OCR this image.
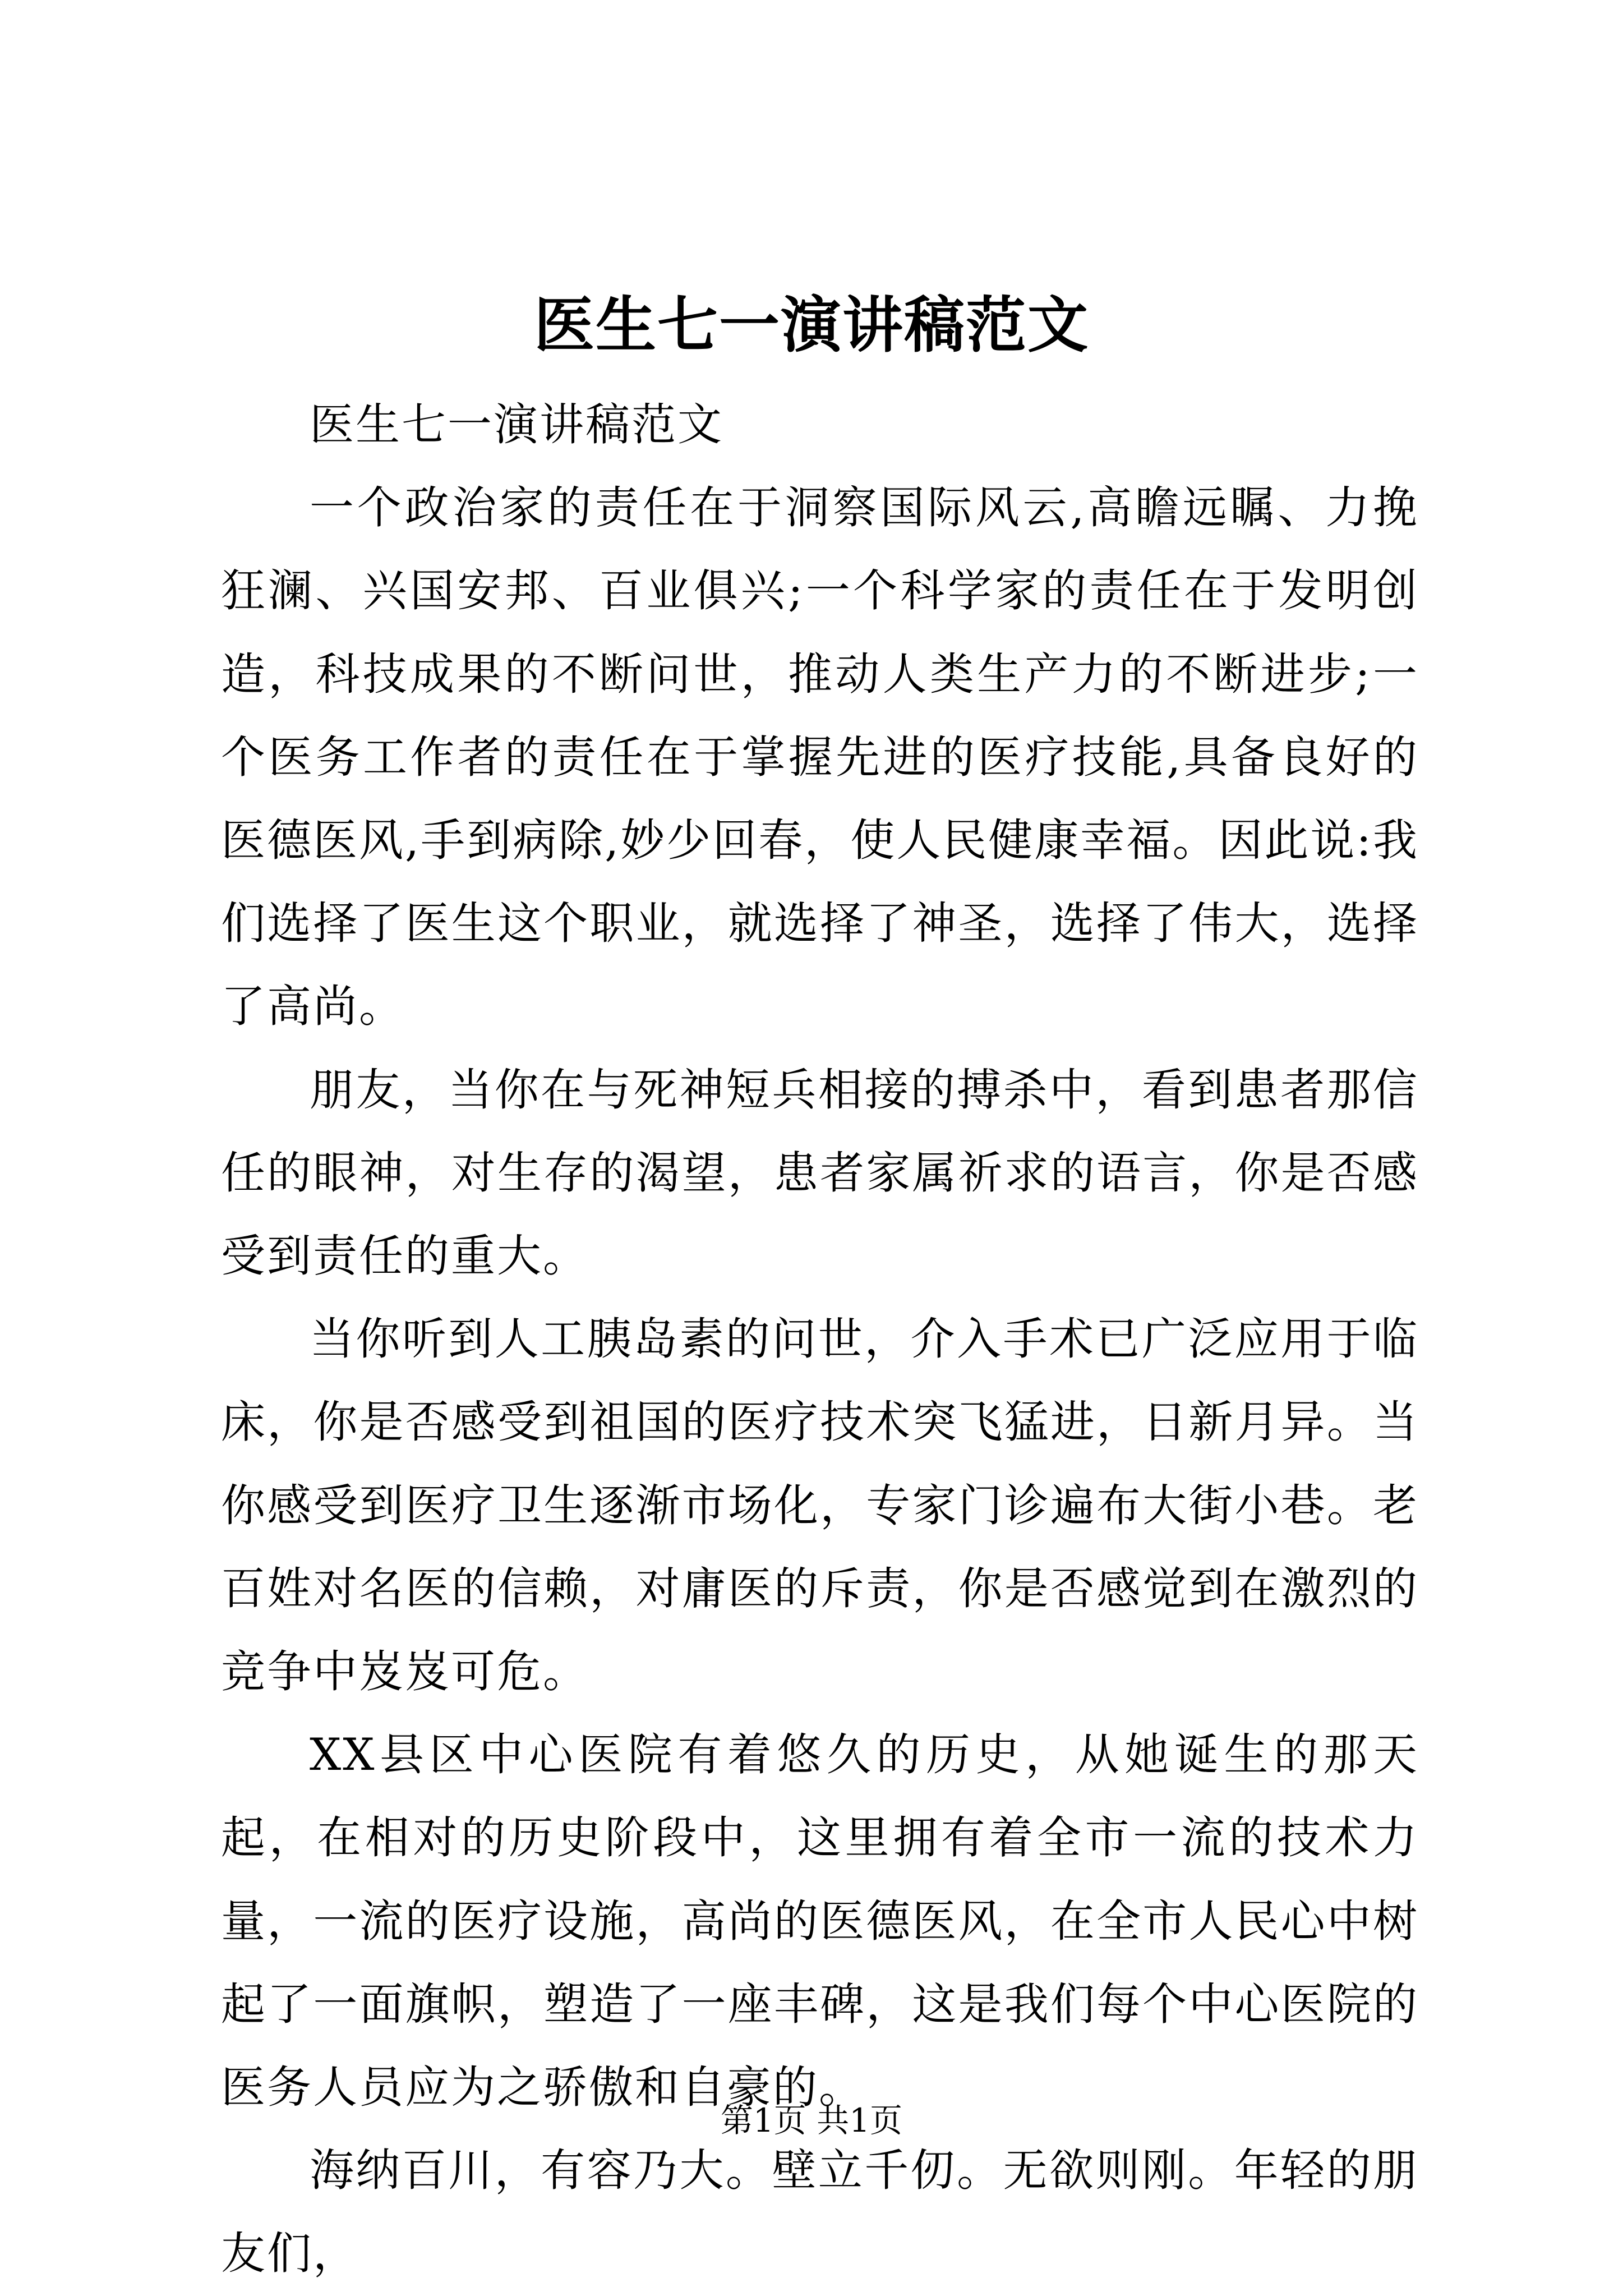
医生七一演讲稿范文

医生七一演讲稿范文

一个政治家的责任在于洞察国际风云,高瞻远瞩、力挽狂澜、兴国安邦、百业俱兴;一个科学家的责任在于发明创造，科技成果的不断问世，推动人类生产力的不断进步;一个医务工作者的责任在于掌握先进的医疗技能,具备良好的医德医风,手到病除,妙少回春，使人民健康幸福。因此说:我们选择了医生这个职业，就选择了神圣，选择了伟大，选择了高尚。

朋友，当你在与死神短兵相接的搏杀中，看到患者那信任的眼神，对生存的渴望，患者家属祈求的语言，你是否感受到责任的重大。

当你听到人工胰岛素的问世，介入手术已广泛应用于临床，你是否感受到祖国的医疗技术突飞猛进，日新月异。当你感受到医疗卫生逐渐市场化，专家门诊遍布大街小巷。老百姓对名医的信赖，对庸医的斥责，你是否感觉到在激烈的竞争中岌岌可危。

XX县区中心医院有着悠久的历史，从她诞生的那天起，在相对的历史阶段中，这里拥有着全市一流的技术力量，一流的医疗设施，高尚的医德医风，在全市人民心中树起了一面旗帜，塑造了一座丰碑，这是我们每个中心医院的医务人员应为之骄傲和自豪的。

海纳百川，有容乃大。壁立千仞。无欲则刚。年轻的朋友们，

第1页 共1页
